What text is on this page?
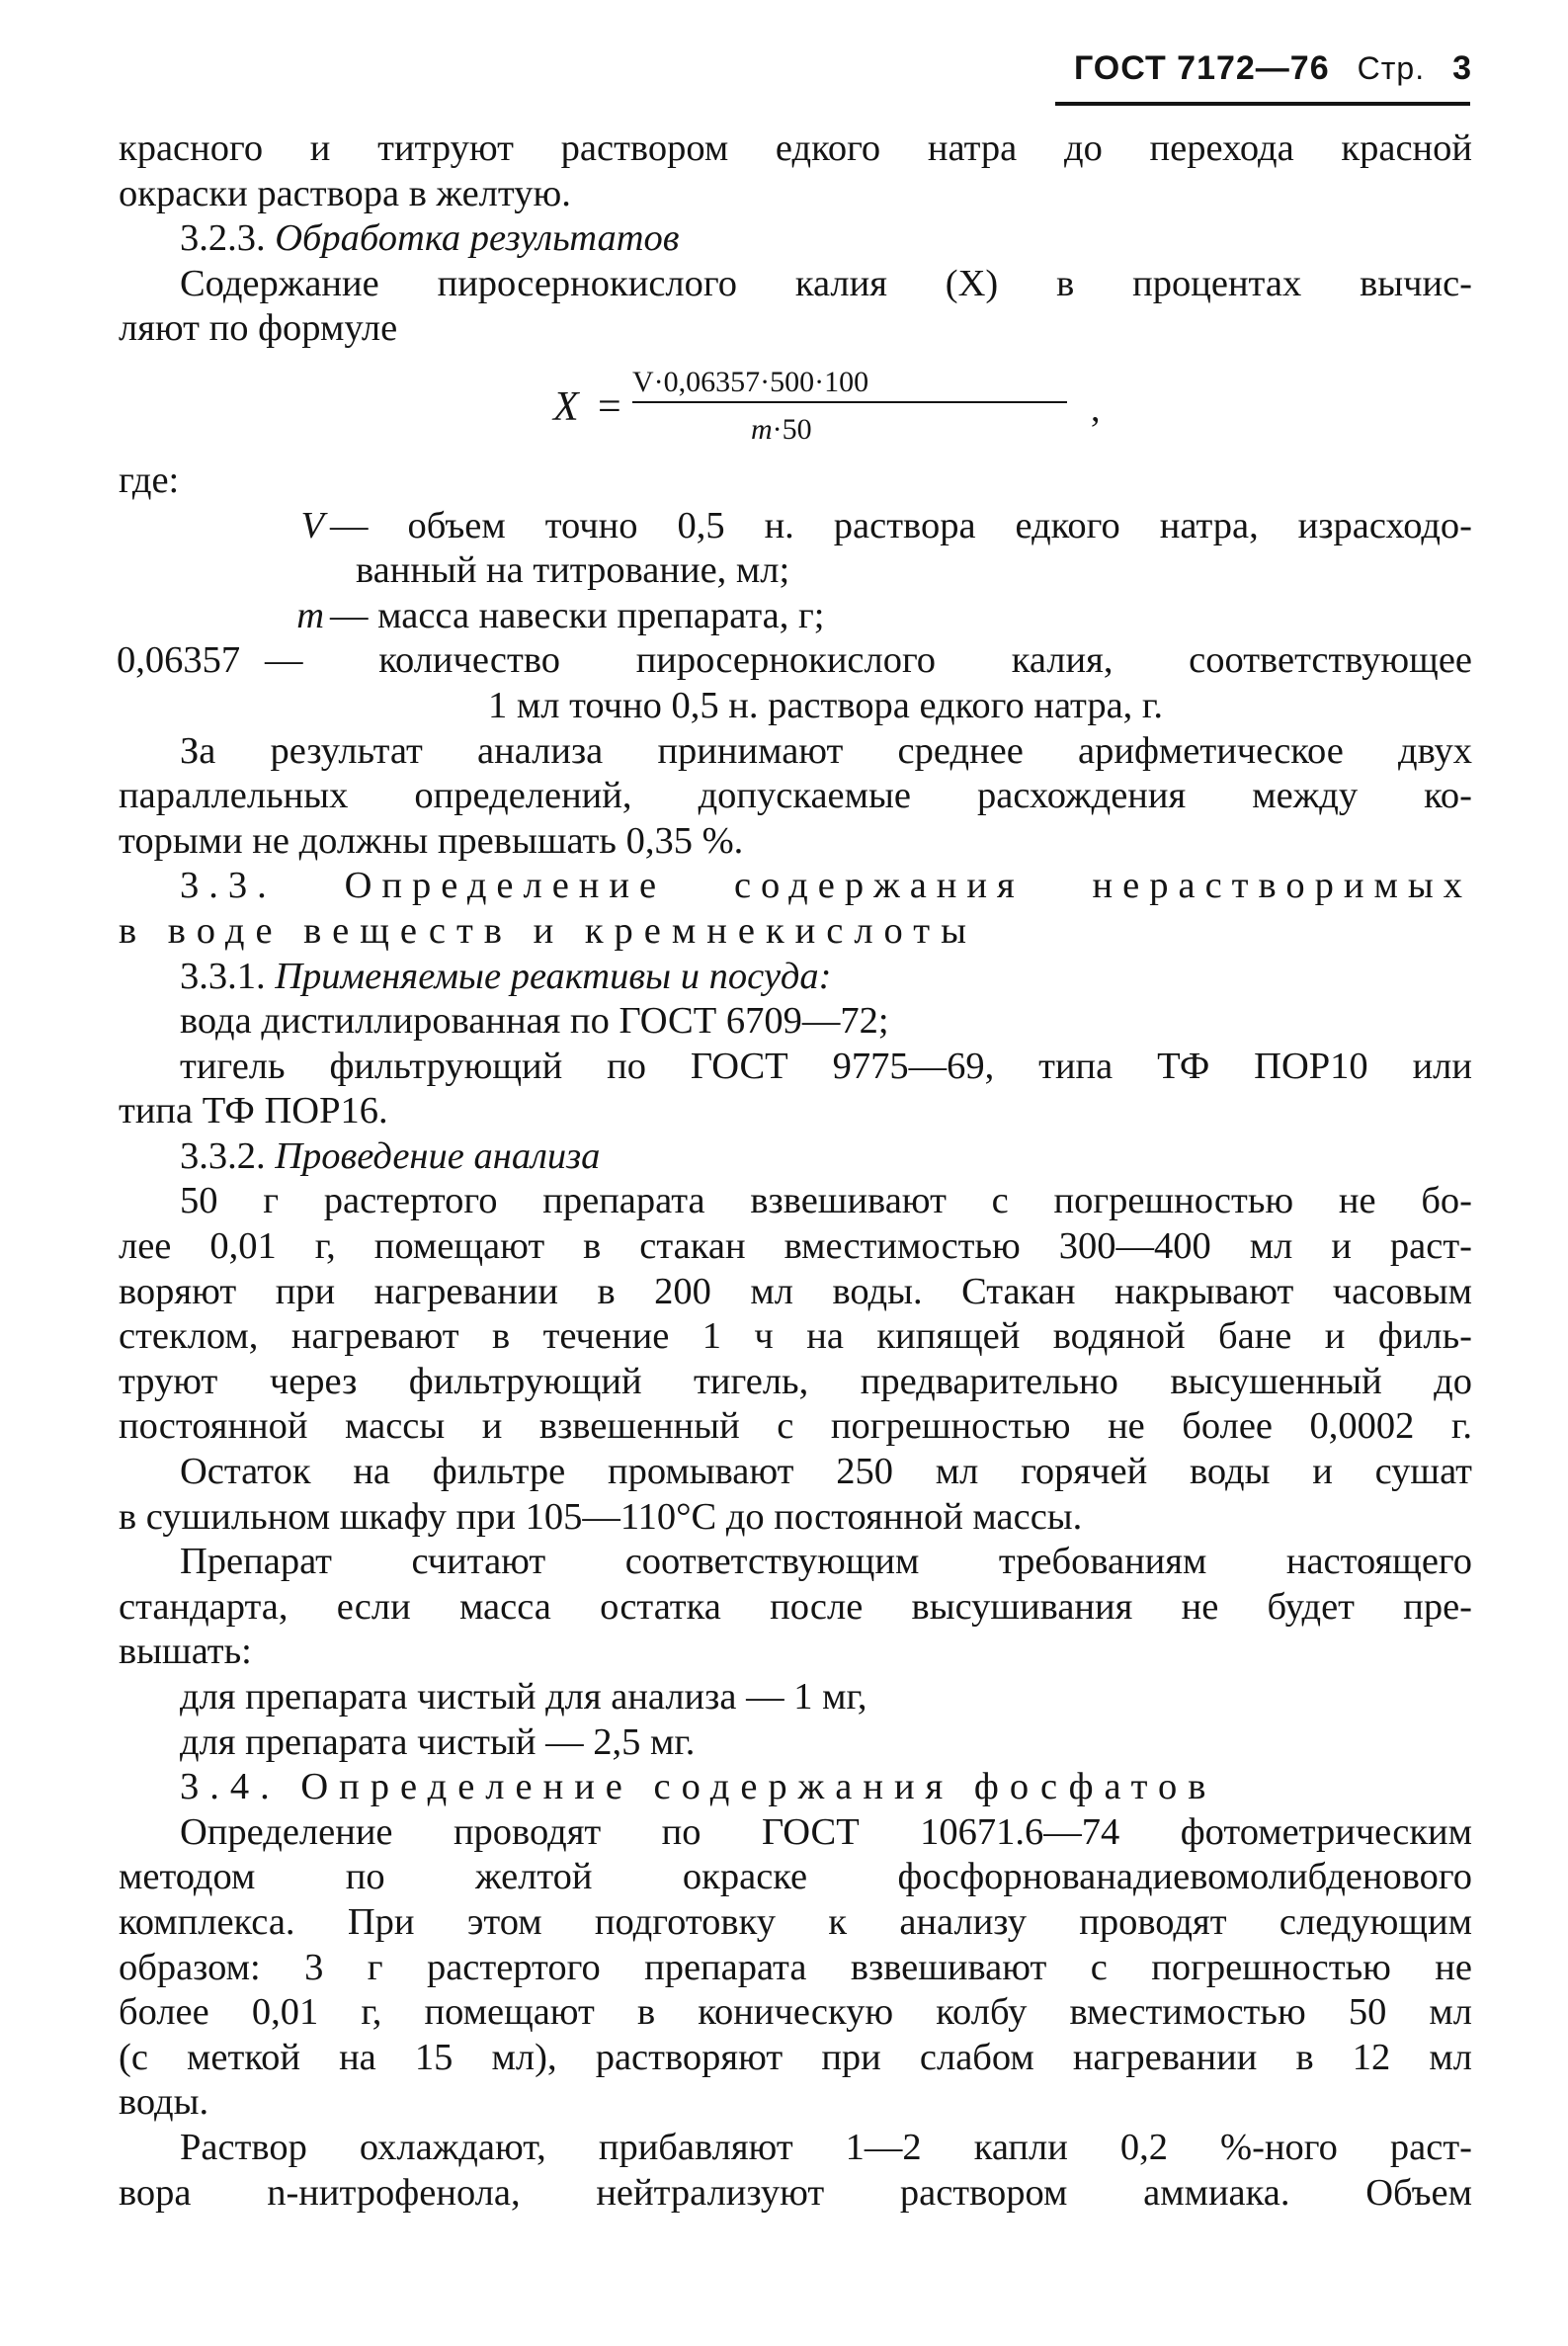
ГОСТ 7172—76 Стр. 3
красного и титруют раствором едкого натра до перехода красной
окраски раствора в желтую.
3.2.3. Обработка результатов
Содержание пиросернокислого калия (X) в процентах вычис-
ляют по формуле
X =
V·0,06357·500·100
m·50	,
где:
V — объем точно 0,5 н. раствора едкого натра, израсходо-
ванный на титрование, мл;
m — масса навески препарата, г;
0,06357 — количество пиросернокислого калия, соответствующее
1 мл точно 0,5 н. раствора едкого натра, г.
За результат анализа принимают среднее арифметическое двух
параллельных определений, допускаемые расхождения между ко-
торыми не должны превышать 0,35 %.
3.3. Определение содержания нерастворимых
в воде веществ и кремнекислоты
3.3.1. Применяемые реактивы и посуда:
вода дистиллированная по ГОСТ 6709—72;
тигель фильтрующий по ГОСТ 9775—69, типа ТФ ПОР10 или
типа ТФ ПОР16.
3.3.2. Проведение анализа
50 г растертого препарата взвешивают с погрешностью не бо-
лее 0,01 г, помещают в стакан вместимостью 300—400 мл и раст-
воряют при нагревании в 200 мл воды. Стакан накрывают часовым
стеклом, нагревают в течение 1 ч на кипящей водяной бане и филь-
труют через фильтрующий тигель, предварительно высушенный до
постоянной массы и взвешенный с погрешностью не более 0,0002 г.
Остаток на фильтре промывают 250 мл горячей воды и сушат
в сушильном шкафу при 105—110°С до постоянной массы.
Препарат считают соответствующим требованиям настоящего
стандарта, если масса остатка после высушивания не будет пре-
вышать:
для препарата чистый для анализа — 1 мг,
для препарата чистый — 2,5 мг.
3.4. Определение содержания фосфатов
Определение проводят по ГОСТ 10671.6—74 фотометрическим
методом по желтой окраске фосфорнованадиевомолибденового
комплекса. При этом подготовку к анализу проводят следующим
образом: 3 г растертого препарата взвешивают с погрешностью не
более 0,01 г, помещают в коническую колбу вместимостью 50 мл
(с меткой на 15 мл), растворяют при слабом нагревании в 12 мл
воды.
Раствор охлаждают, прибавляют 1—2 капли 0,2 %-ного раст-
вора n-нитрофенола, нейтрализуют раствором аммиака. Объем
